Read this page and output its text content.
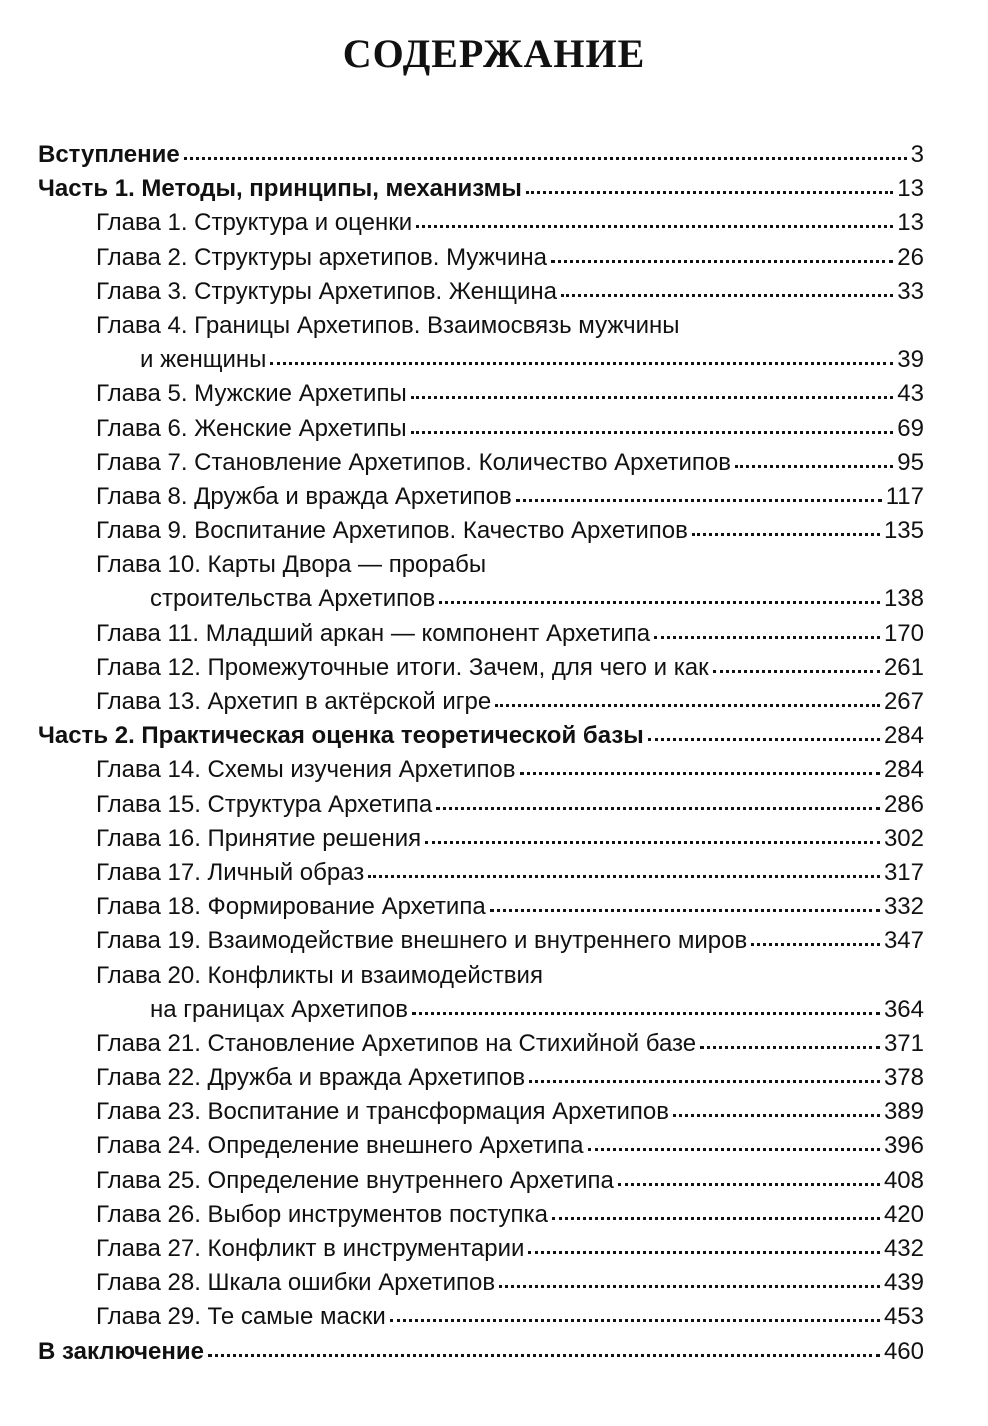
СОДЕРЖАНИЕ
Вступление	3
Часть 1. Методы, принципы, механизмы	13
Глава 1. Структура и оценки	13
Глава 2. Структуры архетипов. Мужчина	26
Глава 3. Структуры Архетипов. Женщина	33
Глава 4. Границы Архетипов. Взаимосвязь мужчины
и женщины	39
Глава 5. Мужские Архетипы	43
Глава 6. Женские Архетипы	69
Глава 7. Становление Архетипов. Количество Архетипов	95
Глава 8. Дружба и вражда Архетипов	117
Глава 9. Воспитание Архетипов. Качество Архетипов	135
Глава 10. Карты Двора — прорабы
строительства Архетипов	138
Глава 11. Младший аркан — компонент Архетипа	170
Глава 12. Промежуточные итоги. Зачем, для чего и как	261
Глава 13. Архетип в актёрской игре	267
Часть 2. Практическая оценка теоретической базы	284
Глава 14. Схемы изучения Архетипов	284
Глава 15. Структура Архетипа	286
Глава 16. Принятие решения	302
Глава 17. Личный образ	317
Глава 18. Формирование Архетипа	332
Глава 19. Взаимодействие внешнего и внутреннего миров	347
Глава 20. Конфликты и взаимодействия
на границах Архетипов	364
Глава 21. Становление Архетипов на Стихийной базе	371
Глава 22. Дружба и вражда Архетипов	378
Глава 23. Воспитание и трансформация Архетипов	389
Глава 24. Определение внешнего Архетипа	396
Глава 25. Определение внутреннего Архетипа	408
Глава 26. Выбор инструментов поступка	420
Глава 27. Конфликт в инструментарии	432
Глава 28. Шкала ошибки Архетипов	439
Глава 29. Те самые маски	453
В заключение	460
